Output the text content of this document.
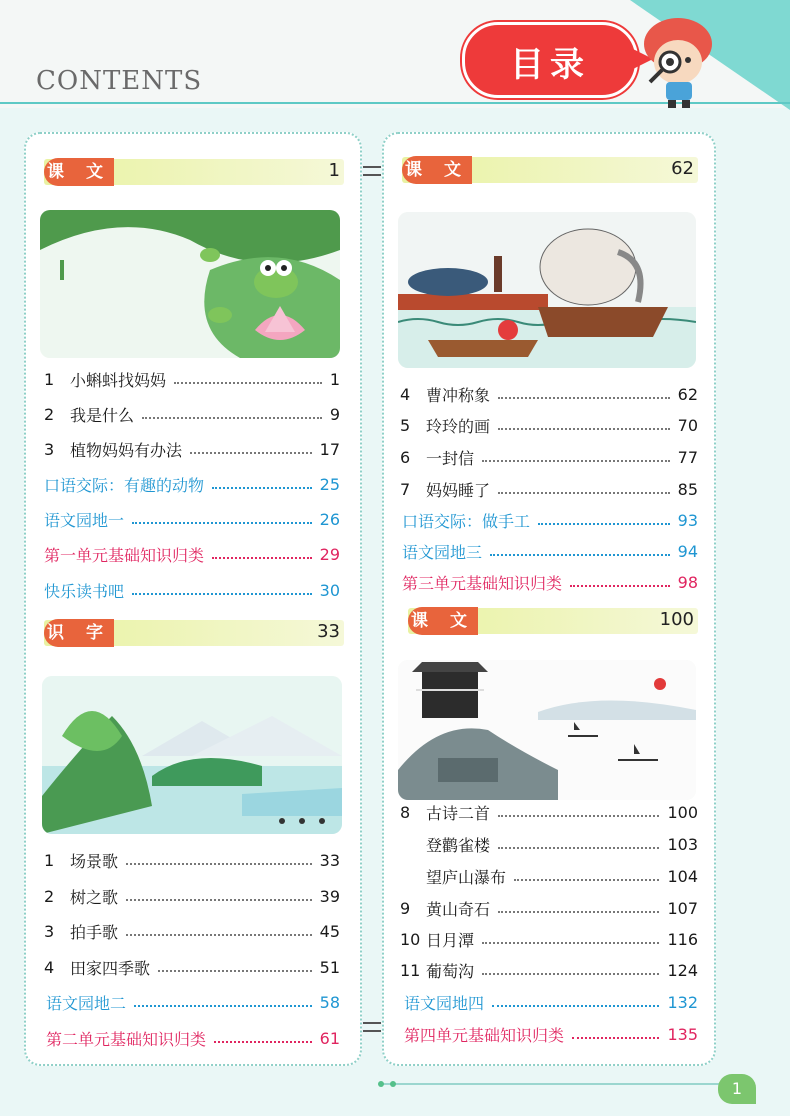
CONTENTS	目录
课 文	1
1 小蝌蚪找妈妈	1
2 我是什么	9
3 植物妈妈有办法	17
口语交际：有趣的动物	25
语文园地一	26
第一单元基础知识归类	29
快乐读书吧	30
识 字	33
1 场景歌	33
2 树之歌	39
3 拍手歌	45
4 田家四季歌	51
语文园地二	58
第二单元基础知识归类	61
课 文	62
4 曹冲称象	62
5 玲玲的画	70
6 一封信	77
7 妈妈睡了	85
口语交际：做手工	93
语文园地三	94
第三单元基础知识归类	98
课 文	100
8 古诗二首	100
登鹳雀楼	103
望庐山瀑布	104
9 黄山奇石	107
10 日月潭	116
11 葡萄沟	124
语文园地四	132
第四单元基础知识归类	135
1
